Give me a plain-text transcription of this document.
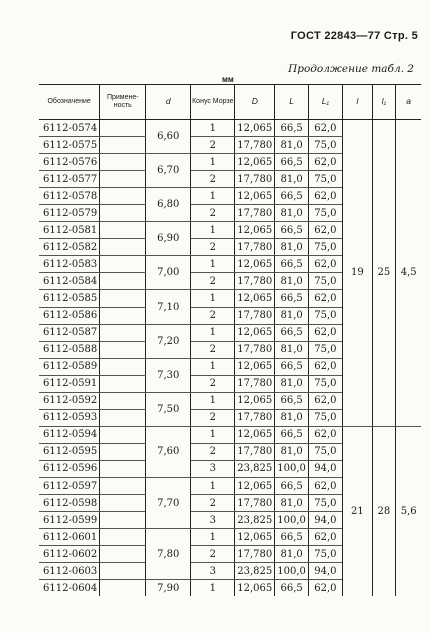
ГОСТ 22843—77 Стр. 5
Продолжение табл. 2
мм
Обозначение	Примене-ность	d	Конус Морзе	D	L	L₁	l	l₁	a
6112-0574		6,60	1	12,065	66,5	62,0	19	25	4,5
6112-0575			2	17,780	81,0	75,0			
6112-0576		6,70	1	12,065	66,5	62,0			
6112-0577			2	17,780	81,0	75,0			
6112-0578		6,80	1	12,065	66,5	62,0			
6112-0579			2	17,780	81,0	75,0			
6112-0581		6,90	1	12,065	66,5	62,0			
6112-0582			2	17,780	81,0	75,0			
6112-0583		7,00	1	12,065	66,5	62,0			
6112-0584			2	17,780	81,0	75,0			
6112-0585		7,10	1	12,065	66,5	62,0			
6112-0586			2	17,780	81,0	75,0			
6112-0587		7,20	1	12,065	66,5	62,0			
6112-0588			2	17,780	81,0	75,0			
6112-0589		7,30	1	12,065	66,5	62,0			
6112-0591			2	17,780	81,0	75,0			
6112-0592		7,50	1	12,065	66,5	62,0			
6112-0593			2	17,780	81,0	75,0			
6112-0594		7,60	1	12,065	66,5	62,0	21	28	5,6
6112-0595			2	17,780	81,0	75,0			
6112-0596			3	23,825	100,0	94,0			
6112-0597		7,70	1	12,065	66,5	62,0			
6112-0598			2	17,780	81,0	75,0			
6112-0599			3	23,825	100,0	94,0			
6112-0601		7,80	1	12,065	66,5	62,0			
6112-0602			2	17,780	81,0	75,0			
6112-0603			3	23,825	100,0	94,0			
6112-0604		7,90	1	12,065	66,5	62,0			
